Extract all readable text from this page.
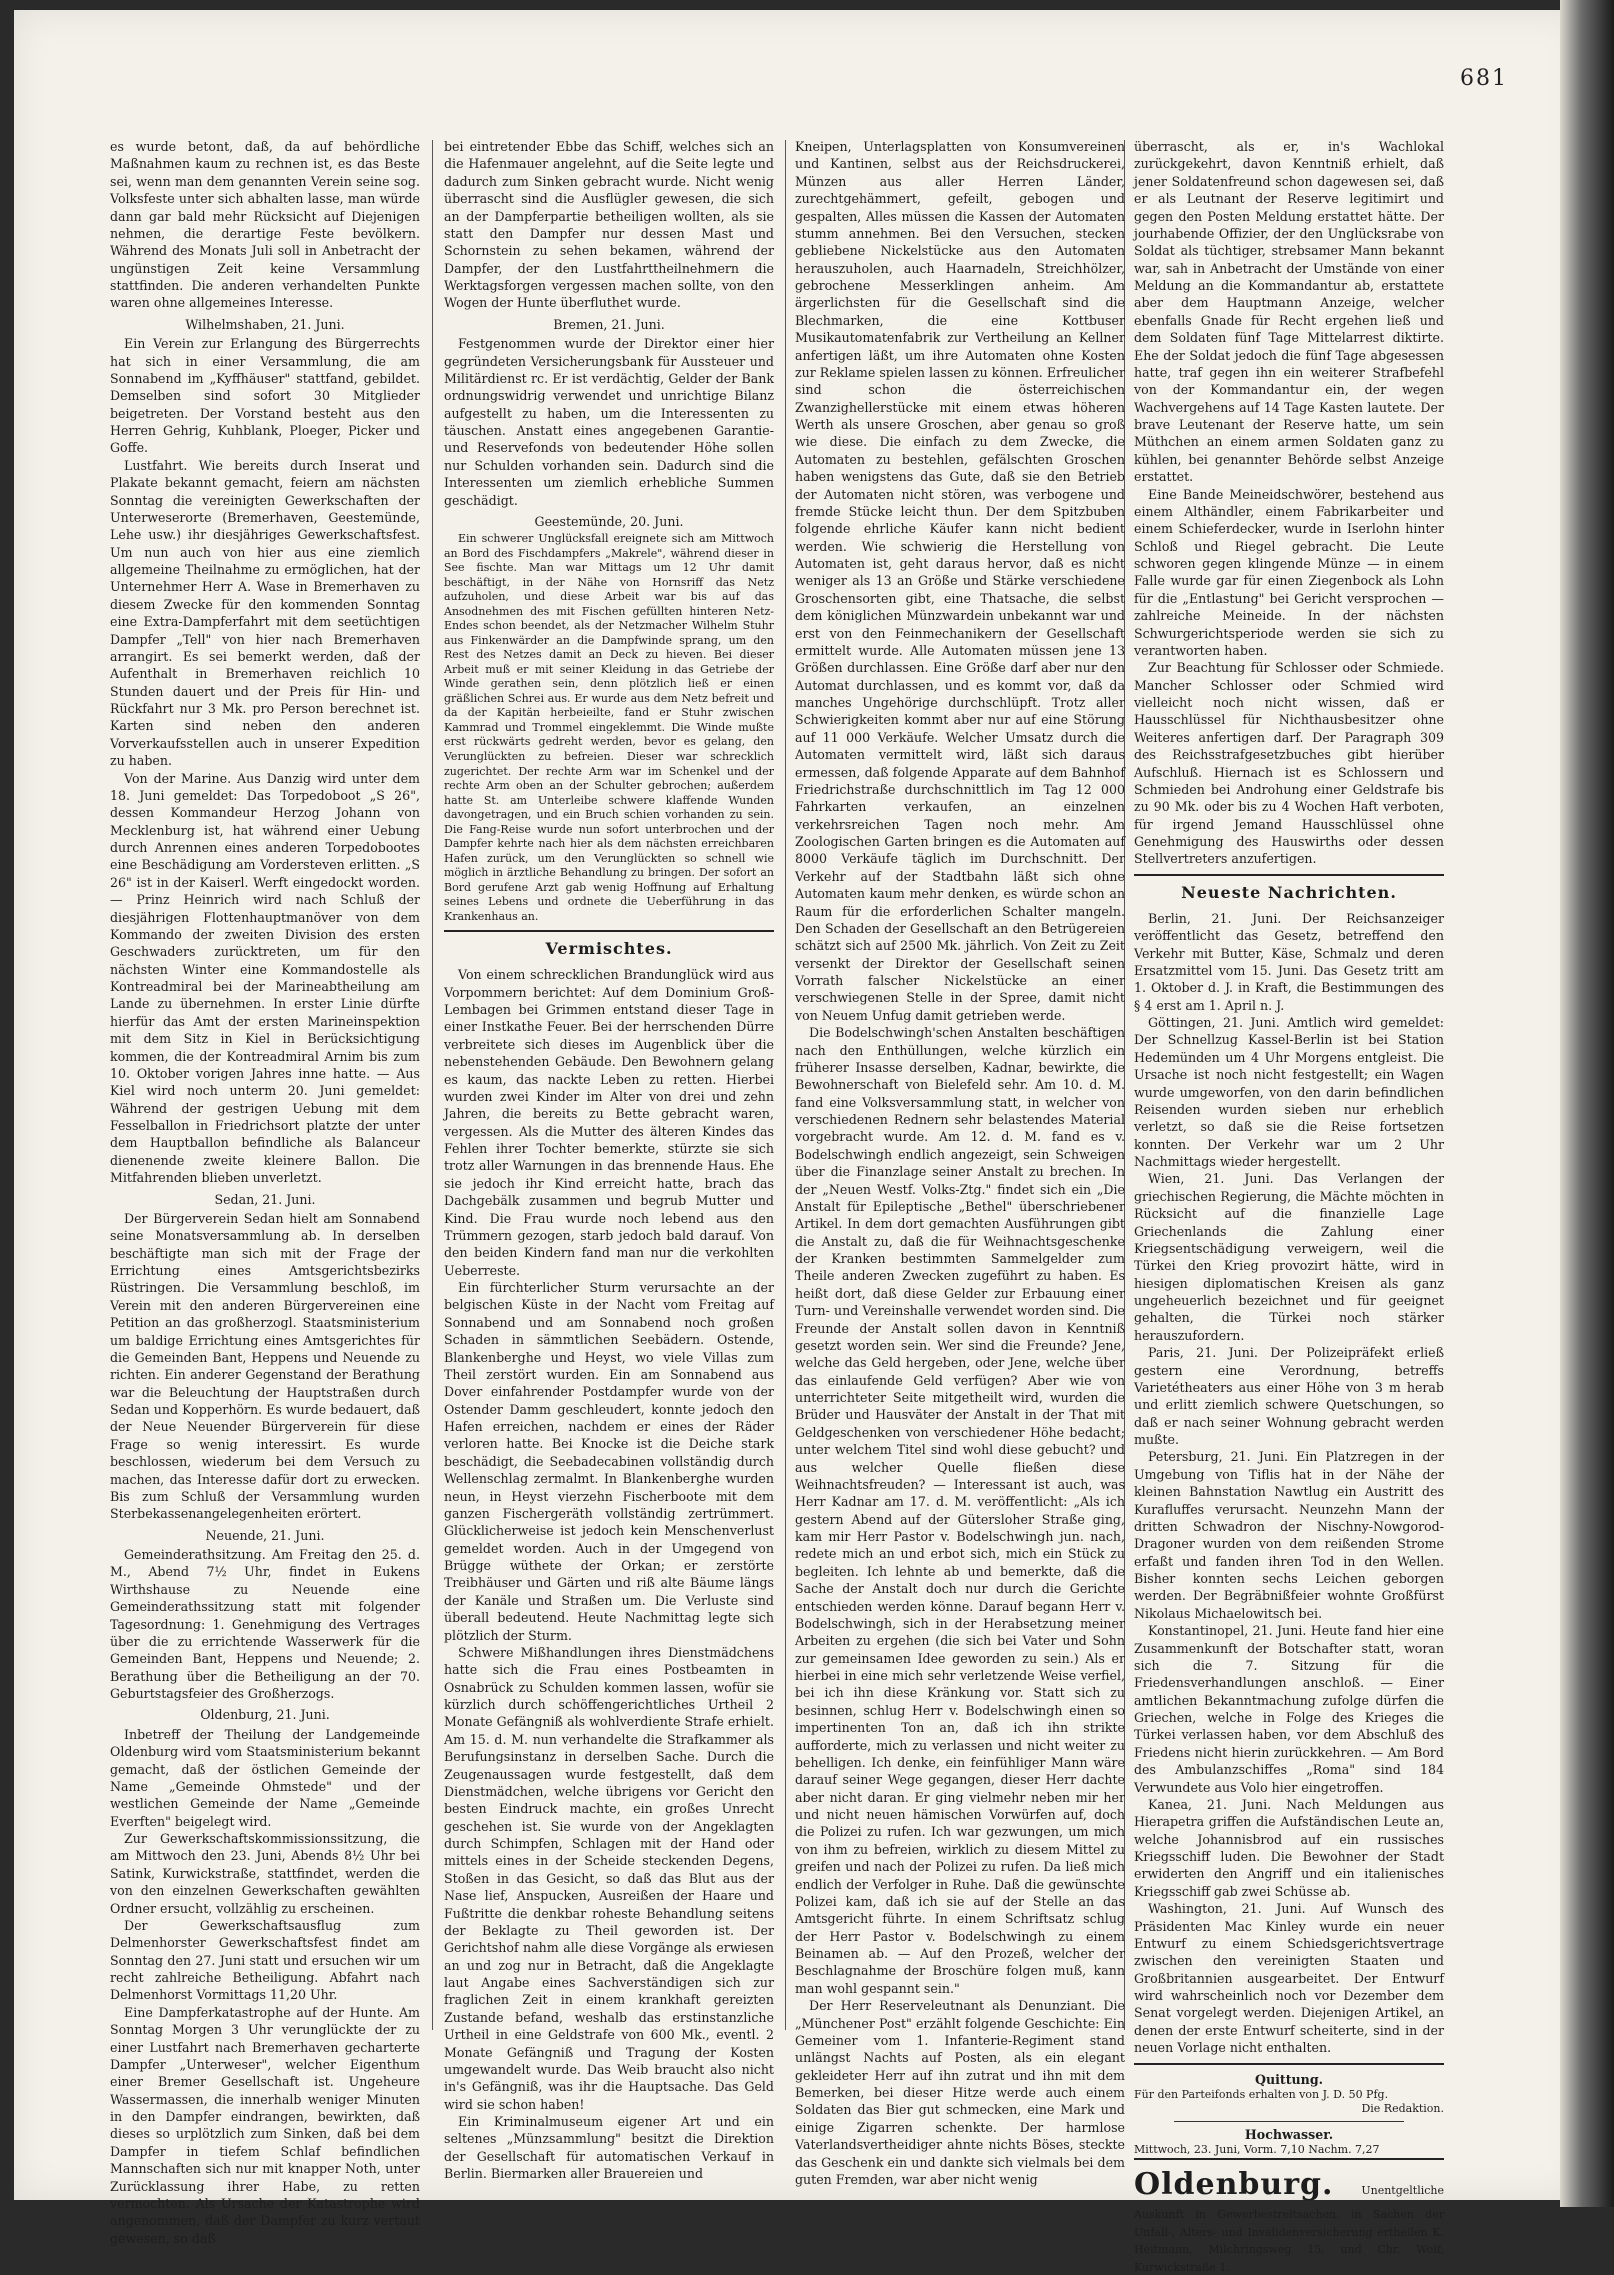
681

es wurde betont, daß, da auf behördliche Maßnahmen kaum zu rechnen ist, es das Beste sei, wenn man dem genannten Verein seine sog. Volksfeste unter sich abhalten lasse, man würde dann gar bald mehr Rücksicht auf Diejenigen nehmen, die derartige Feste bevölkern. Während des Monats Juli soll in Anbetracht der ungünstigen Zeit keine Versammlung stattfinden. Die anderen verhandelten Punkte waren ohne allgemeines Interesse.

Wilhelmshaben, 21. Juni.

Ein Verein zur Erlangung des Bürgerrechts hat sich in einer Versammlung, die am Sonnabend im „Kyffhäuser" stattfand, gebildet. Demselben sind sofort 30 Mitglieder beigetreten. Der Vorstand besteht aus den Herren Gehrig, Kuhblank, Ploeger, Picker und Goffe.

Lustfahrt. Wie bereits durch Inserat und Plakate bekannt gemacht, feiern am nächsten Sonntag die vereinigten Gewerkschaften der Unterweserorte (Bremerhaven, Geestemünde, Lehe usw.) ihr diesjähriges Gewerkschaftsfest. Um nun auch von hier aus eine ziemlich allgemeine Theilnahme zu ermöglichen, hat der Unternehmer Herr A. Wase in Bremerhaven zu diesem Zwecke für den kommenden Sonntag eine Extra-Dampferfahrt mit dem seetüchtigen Dampfer „Tell" von hier nach Bremerhaven arrangirt. Es sei bemerkt werden, daß der Aufenthalt in Bremerhaven reichlich 10 Stunden dauert und der Preis für Hin- und Rückfahrt nur 3 Mk. pro Person berechnet ist. Karten sind neben den anderen Vorverkaufsstellen auch in unserer Expedition zu haben.

Von der Marine. Aus Danzig wird unter dem 18. Juni gemeldet: Das Torpedoboot „S 26", dessen Kommandeur Herzog Johann von Mecklenburg ist, hat während einer Uebung durch Anrennen eines anderen Torpedobootes eine Beschädigung am Vordersteven erlitten. „S 26" ist in der Kaiserl. Werft eingedockt worden. — Prinz Heinrich wird nach Schluß der diesjährigen Flottenhauptmanöver von dem Kommando der zweiten Division des ersten Geschwaders zurücktreten, um für den nächsten Winter eine Kommandostelle als Kontreadmiral bei der Marineabtheilung am Lande zu übernehmen. In erster Linie dürfte hierfür das Amt der ersten Marineinspektion mit dem Sitz in Kiel in Berücksichtigung kommen, die der Kontreadmiral Arnim bis zum 10. Oktober vorigen Jahres inne hatte. — Aus Kiel wird noch unterm 20. Juni gemeldet: Während der gestrigen Uebung mit dem Fesselballon in Friedrichsort platzte der unter dem Hauptballon befindliche als Balanceur dienenende zweite kleinere Ballon. Die Mitfahrenden blieben unverletzt.

Sedan, 21. Juni.

Der Bürgerverein Sedan hielt am Sonnabend seine Monatsversammlung ab. In derselben beschäftigte man sich mit der Frage der Errichtung eines Amtsgerichtsbezirks Rüstringen. Die Versammlung beschloß, im Verein mit den anderen Bürgervereinen eine Petition an das großherzogl. Staatsministerium um baldige Errichtung eines Amtsgerichtes für die Gemeinden Bant, Heppens und Neuende zu richten. Ein anderer Gegenstand der Berathung war die Beleuchtung der Hauptstraßen durch Sedan und Kopperhörn. Es wurde bedauert, daß der Neue Neuender Bürgerverein für diese Frage so wenig interessirt. Es wurde beschlossen, wiederum bei dem Versuch zu machen, das Interesse dafür dort zu erwecken. Bis zum Schluß der Versammlung wurden Sterbekassenangelegenheiten erörtert.

Neuende, 21. Juni.

Gemeinderathsitzung. Am Freitag den 25. d. M., Abend 7½ Uhr, findet in Eukens Wirthshause zu Neuende eine Gemeinderathssitzung statt mit folgender Tagesordnung: 1. Genehmigung des Vertrages über die zu errichtende Wasserwerk für die Gemeinden Bant, Heppens und Neuende; 2. Berathung über die Betheiligung an der 70. Geburtstagsfeier des Großherzogs.

Oldenburg, 21. Juni.

Inbetreff der Theilung der Landgemeinde Oldenburg wird vom Staatsministerium bekannt gemacht, daß der östlichen Gemeinde der Name „Gemeinde Ohmstede" und der westlichen Gemeinde der Name „Gemeinde Everften" beigelegt wird.

Zur Gewerkschaftskommissionssitzung, die am Mittwoch den 23. Juni, Abends 8½ Uhr bei Satink, Kurwickstraße, stattfindet, werden die von den einzelnen Gewerkschaften gewählten Ordner ersucht, vollzählig zu erscheinen.

Der Gewerkschaftsausflug zum Delmenhorster Gewerkschaftsfest findet am Sonntag den 27. Juni statt und ersuchen wir um recht zahlreiche Betheiligung. Abfahrt nach Delmenhorst Vormittags 11,20 Uhr.

Eine Dampferkatastrophe auf der Hunte. Am Sonntag Morgen 3 Uhr verunglückte der zu einer Lustfahrt nach Bremerhaven gecharterte Dampfer „Unterweser", welcher Eigenthum einer Bremer Gesellschaft ist. Ungeheure Wassermassen, die innerhalb weniger Minuten in den Dampfer eindrangen, bewirkten, daß dieses so urplötzlich zum Sinken, daß bei dem Dampfer in tiefem Schlaf befindlichen Mannschaften sich nur mit knapper Noth, unter Zurücklassung ihrer Habe, zu retten vermochten. Als Ursache der Katastrophe wird angenommen, daß der Dampfer zu kurz vertaut gewesen, so daß

bei eintretender Ebbe das Schiff, welches sich an die Hafenmauer angelehnt, auf die Seite legte und dadurch zum Sinken gebracht wurde. Nicht wenig überrascht sind die Ausflügler gewesen, die sich an der Dampferpartie betheiligen wollten, als sie statt den Dampfer nur dessen Mast und Schornstein zu sehen bekamen, während der Dampfer, der den Lustfahrttheilnehmern die Werktagsforgen vergessen machen sollte, von den Wogen der Hunte überfluthet wurde.

Bremen, 21. Juni.

Festgenommen wurde der Direktor einer hier gegründeten Versicherungsbank für Aussteuer und Militärdienst rc. Er ist verdächtig, Gelder der Bank ordnungswidrig verwendet und unrichtige Bilanz aufgestellt zu haben, um die Interessenten zu täuschen. Anstatt eines angegebenen Garantie- und Reservefonds von bedeutender Höhe sollen nur Schulden vorhanden sein. Dadurch sind die Interessenten um ziemlich erhebliche Summen geschädigt.

Geestemünde, 20. Juni.

Ein schwerer Unglücksfall ereignete sich am Mittwoch an Bord des Fischdampfers „Makrele", während dieser in See fischte. Man war Mittags um 12 Uhr damit beschäftigt, in der Nähe von Hornsriff das Netz aufzuholen, und diese Arbeit war bis auf das Ansodnehmen des mit Fischen gefüllten hinteren Netz-Endes schon beendet, als der Netzmacher Wilhelm Stuhr aus Finkenwärder an die Dampfwinde sprang, um den Rest des Netzes damit an Deck zu hieven. Bei dieser Arbeit muß er mit seiner Kleidung in das Getriebe der Winde gerathen sein, denn plötzlich ließ er einen gräßlichen Schrei aus. Er wurde aus dem Netz befreit und da der Kapitän herbeieilte, fand er Stuhr zwischen Kammrad und Trommel eingeklemmt. Die Winde mußte erst rückwärts gedreht werden, bevor es gelang, den Verunglückten zu befreien. Dieser war schrecklich zugerichtet. Der rechte Arm war im Schenkel und der rechte Arm oben an der Schulter gebrochen; außerdem hatte St. am Unterleibe schwere klaffende Wunden davongetragen, und ein Bruch schien vorhanden zu sein. Die Fang-Reise wurde nun sofort unterbrochen und der Dampfer kehrte nach hier als dem nächsten erreichbaren Hafen zurück, um den Verunglückten so schnell wie möglich in ärztliche Behandlung zu bringen. Der sofort an Bord gerufene Arzt gab wenig Hoffnung auf Erhaltung seines Lebens und ordnete die Ueberführung in das Krankenhaus an.

Vermischtes.

Von einem schrecklichen Brandunglück wird aus Vorpommern berichtet: Auf dem Dominium Groß-Lembagen bei Grimmen entstand dieser Tage in einer Instkathe Feuer. Bei der herrschenden Dürre verbreitete sich dieses im Augenblick über die nebenstehenden Gebäude. Den Bewohnern gelang es kaum, das nackte Leben zu retten. Hierbei wurden zwei Kinder im Alter von drei und zehn Jahren, die bereits zu Bette gebracht waren, vergessen. Als die Mutter des älteren Kindes das Fehlen ihrer Tochter bemerkte, stürzte sie sich trotz aller Warnungen in das brennende Haus. Ehe sie jedoch ihr Kind erreicht hatte, brach das Dachgebälk zusammen und begrub Mutter und Kind. Die Frau wurde noch lebend aus den Trümmern gezogen, starb jedoch bald darauf. Von den beiden Kindern fand man nur die verkohlten Ueberreste.

Ein fürchterlicher Sturm verursachte an der belgischen Küste in der Nacht vom Freitag auf Sonnabend und am Sonnabend noch großen Schaden in sämmtlichen Seebädern. Ostende, Blankenberghe und Heyst, wo viele Villas zum Theil zerstört wurden. Ein am Sonnabend aus Dover einfahrender Postdampfer wurde von der Ostender Damm geschleudert, konnte jedoch den Hafen erreichen, nachdem er eines der Räder verloren hatte. Bei Knocke ist die Deiche stark beschädigt, die Seebadecabinen vollständig durch Wellenschlag zermalmt. In Blankenberghe wurden neun, in Heyst vierzehn Fischerboote mit dem ganzen Fischergeräth vollständig zertrümmert. Glücklicherweise ist jedoch kein Menschenverlust gemeldet worden. Auch in der Umgegend von Brügge wüthete der Orkan; er zerstörte Treibhäuser und Gärten und riß alte Bäume längs der Kanäle und Straßen um. Die Verluste sind überall bedeutend. Heute Nachmittag legte sich plötzlich der Sturm.

Schwere Mißhandlungen ihres Dienstmädchens hatte sich die Frau eines Postbeamten in Osnabrück zu Schulden kommen lassen, wofür sie kürzlich durch schöffengerichtliches Urtheil 2 Monate Gefängniß als wohlverdiente Strafe erhielt. Am 15. d. M. nun verhandelte die Strafkammer als Berufungsinstanz in derselben Sache. Durch die Zeugenaussagen wurde festgestellt, daß dem Dienstmädchen, welche übrigens vor Gericht den besten Eindruck machte, ein großes Unrecht geschehen ist. Sie wurde von der Angeklagten durch Schimpfen, Schlagen mit der Hand oder mittels eines in der Scheide steckenden Degens, Stoßen in das Gesicht, so daß das Blut aus der Nase lief, Anspucken, Ausreißen der Haare und Fußtritte die denkbar roheste Behandlung seitens der Beklagte zu Theil geworden ist. Der Gerichtshof nahm alle diese Vorgänge als erwiesen an und zog nur in Betracht, daß die Angeklagte laut Angabe eines Sachverständigen sich zur fraglichen Zeit in einem krankhaft gereizten Zustande befand, weshalb das erstinstanzliche Urtheil in eine Geldstrafe von 600 Mk., eventl. 2 Monate Gefängniß und Tragung der Kosten umgewandelt wurde. Das Weib braucht also nicht in's Gefängniß, was ihr die Hauptsache. Das Geld wird sie schon haben!

Ein Kriminalmuseum eigener Art und ein seltenes „Münzsammlung" besitzt die Direktion der Gesellschaft für automatischen Verkauf in Berlin. Biermarken aller Brauereien und

Kneipen, Unterlagsplatten von Konsumvereinen und Kantinen, selbst aus der Reichsdruckerei, Münzen aus aller Herren Länder, zurechtgehämmert, gefeilt, gebogen und gespalten, Alles müssen die Kassen der Automaten stumm annehmen. Bei den Versuchen, stecken gebliebene Nickelstücke aus den Automaten herauszuholen, auch Haarnadeln, Streichhölzer, gebrochene Messerklingen anheim. Am ärgerlichsten für die Gesellschaft sind die Blechmarken, die eine Kottbuser Musikautomatenfabrik zur Vertheilung an Kellner anfertigen läßt, um ihre Automaten ohne Kosten zur Reklame spielen lassen zu können. Erfreulicher sind schon die österreichischen Zwanzighellerstücke mit einem etwas höheren Werth als unsere Groschen, aber genau so groß wie diese. Die einfach zu dem Zwecke, die Automaten zu bestehlen, gefälschten Groschen haben wenigstens das Gute, daß sie den Betrieb der Automaten nicht stören, was verbogene und fremde Stücke leicht thun. Der dem Spitzbuben folgende ehrliche Käufer kann nicht bedient werden. Wie schwierig die Herstellung von Automaten ist, geht daraus hervor, daß es nicht weniger als 13 an Größe und Stärke verschiedene Groschensorten gibt, eine Thatsache, die selbst dem königlichen Münzwardein unbekannt war und erst von den Feinmechanikern der Gesellschaft ermittelt wurde. Alle Automaten müssen jene 13 Größen durchlassen. Eine Größe darf aber nur den Automat durchlassen, und es kommt vor, daß da manches Ungehörige durchschlüpft. Trotz aller Schwierigkeiten kommt aber nur auf eine Störung auf 11 000 Verkäufe. Welcher Umsatz durch die Automaten vermittelt wird, läßt sich daraus ermessen, daß folgende Apparate auf dem Bahnhof Friedrichstraße durchschnittlich im Tag 12 000 Fahrkarten verkaufen, an einzelnen verkehrsreichen Tagen noch mehr. Am Zoologischen Garten bringen es die Automaten auf 8000 Verkäufe täglich im Durchschnitt. Der Verkehr auf der Stadtbahn läßt sich ohne Automaten kaum mehr denken, es würde schon an Raum für die erforderlichen Schalter mangeln. Den Schaden der Gesellschaft an den Betrügereien schätzt sich auf 2500 Mk. jährlich. Von Zeit zu Zeit versenkt der Direktor der Gesellschaft seinen Vorrath falscher Nickelstücke an einer verschwiegenen Stelle in der Spree, damit nicht von Neuem Unfug damit getrieben werde.

Die Bodelschwingh'schen Anstalten beschäftigen nach den Enthüllungen, welche kürzlich ein früherer Insasse derselben, Kadnar, bewirkte, die Bewohnerschaft von Bielefeld sehr. Am 10. d. M. fand eine Volksversammlung statt, in welcher von verschiedenen Rednern sehr belastendes Material vorgebracht wurde. Am 12. d. M. fand es v. Bodelschwingh endlich angezeigt, sein Schweigen über die Finanzlage seiner Anstalt zu brechen. In der „Neuen Westf. Volks-Ztg." findet sich ein „Die Anstalt für Epileptische „Bethel" überschriebener Artikel. In dem dort gemachten Ausführungen gibt die Anstalt zu, daß die für Weihnachtsgeschenke der Kranken bestimmten Sammelgelder zum Theile anderen Zwecken zugeführt zu haben. Es heißt dort, daß diese Gelder zur Erbauung einer Turn- und Vereinshalle verwendet worden sind. Die Freunde der Anstalt sollen davon in Kenntniß gesetzt worden sein. Wer sind die Freunde? Jene, welche das Geld hergeben, oder Jene, welche über das einlaufende Geld verfügen? Aber wie von unterrichteter Seite mitgetheilt wird, wurden die Brüder und Hausväter der Anstalt in der That mit Geldgeschenken von verschiedener Höhe bedacht; unter welchem Titel sind wohl diese gebucht? und aus welcher Quelle fließen diese Weihnachtsfreuden? — Interessant ist auch, was Herr Kadnar am 17. d. M. veröffentlicht: „Als ich gestern Abend auf der Gütersloher Straße ging, kam mir Herr Pastor v. Bodelschwingh jun. nach, redete mich an und erbot sich, mich ein Stück zu begleiten. Ich lehnte ab und bemerkte, daß die Sache der Anstalt doch nur durch die Gerichte entschieden werden könne. Darauf begann Herr v. Bodelschwingh, sich in der Herabsetzung meiner Arbeiten zu ergehen (die sich bei Vater und Sohn zur gemeinsamen Idee geworden zu sein.) Als er hierbei in eine mich sehr verletzende Weise verfiel, bei ich ihn diese Kränkung vor. Statt sich zu besinnen, schlug Herr v. Bodelschwingh einen so impertinenten Ton an, daß ich ihn strikte aufforderte, mich zu verlassen und nicht weiter zu behelligen. Ich denke, ein feinfühliger Mann wäre darauf seiner Wege gegangen, dieser Herr dachte aber nicht daran. Er ging vielmehr neben mir her und nicht neuen hämischen Vorwürfen auf, doch die Polizei zu rufen. Ich war gezwungen, um mich von ihm zu befreien, wirklich zu diesem Mittel zu greifen und nach der Polizei zu rufen. Da ließ mich endlich der Verfolger in Ruhe. Daß die gewünschte Polizei kam, daß ich sie auf der Stelle an das Amtsgericht führte. In einem Schriftsatz schlug der Herr Pastor v. Bodelschwingh zu einem Beinamen ab. — Auf den Prozeß, welcher der Beschlagnahme der Broschüre folgen muß, kann man wohl gespannt sein."

Der Herr Reserveleutnant als Denunziant. Die „Münchener Post" erzählt folgende Geschichte: Ein Gemeiner vom 1. Infanterie-Regiment stand unlängst Nachts auf Posten, als ein elegant gekleideter Herr auf ihn zutrat und ihn mit dem Bemerken, bei dieser Hitze werde auch einem Soldaten das Bier gut schmecken, eine Mark und einige Zigarren schenkte. Der harmlose Vaterlandsvertheidiger ahnte nichts Böses, steckte das Geschenk ein und dankte sich vielmals bei dem guten Fremden, war aber nicht wenig

überrascht, als er, in's Wachlokal zurückgekehrt, davon Kenntniß erhielt, daß jener Soldatenfreund schon dagewesen sei, daß er als Leutnant der Reserve legitimirt und gegen den Posten Meldung erstattet hätte. Der jourhabende Offizier, der den Unglücksrabe von Soldat als tüchtiger, strebsamer Mann bekannt war, sah in Anbetracht der Umstände von einer Meldung an die Kommandantur ab, erstattete aber dem Hauptmann Anzeige, welcher ebenfalls Gnade für Recht ergehen ließ und dem Soldaten fünf Tage Mittelarrest diktirte. Ehe der Soldat jedoch die fünf Tage abgesessen hatte, traf gegen ihn ein weiterer Strafbefehl von der Kommandantur ein, der wegen Wachvergehens auf 14 Tage Kasten lautete. Der brave Leutenant der Reserve hatte, um sein Müthchen an einem armen Soldaten ganz zu kühlen, bei genannter Behörde selbst Anzeige erstattet.

Eine Bande Meineidschwörer, bestehend aus einem Althändler, einem Fabrikarbeiter und einem Schieferdecker, wurde in Iserlohn hinter Schloß und Riegel gebracht. Die Leute schworen gegen klingende Münze — in einem Falle wurde gar für einen Ziegenbock als Lohn für die „Entlastung" bei Gericht versprochen — zahlreiche Meineide. In der nächsten Schwurgerichtsperiode werden sie sich zu verantworten haben.

Zur Beachtung für Schlosser oder Schmiede. Mancher Schlosser oder Schmied wird vielleicht noch nicht wissen, daß er Hausschlüssel für Nichthausbesitzer ohne Weiteres anfertigen darf. Der Paragraph 309 des Reichsstrafgesetzbuches gibt hierüber Aufschluß. Hiernach ist es Schlossern und Schmieden bei Androhung einer Geldstrafe bis zu 90 Mk. oder bis zu 4 Wochen Haft verboten, für irgend Jemand Hausschlüssel ohne Genehmigung des Hauswirths oder dessen Stellvertreters anzufertigen.

Neueste Nachrichten.

Berlin, 21. Juni. Der Reichsanzeiger veröffentlicht das Gesetz, betreffend den Verkehr mit Butter, Käse, Schmalz und deren Ersatzmittel vom 15. Juni. Das Gesetz tritt am 1. Oktober d. J. in Kraft, die Bestimmungen des § 4 erst am 1. April n. J.

Göttingen, 21. Juni. Amtlich wird gemeldet: Der Schnellzug Kassel-Berlin ist bei Station Hedemünden um 4 Uhr Morgens entgleist. Die Ursache ist noch nicht festgestellt; ein Wagen wurde umgeworfen, von den darin befindlichen Reisenden wurden sieben nur erheblich verletzt, so daß sie die Reise fortsetzen konnten. Der Verkehr war um 2 Uhr Nachmittags wieder hergestellt.

Wien, 21. Juni. Das Verlangen der griechischen Regierung, die Mächte möchten in Rücksicht auf die finanzielle Lage Griechenlands die Zahlung einer Kriegsentschädigung verweigern, weil die Türkei den Krieg provozirt hätte, wird in hiesigen diplomatischen Kreisen als ganz ungeheuerlich bezeichnet und für geeignet gehalten, die Türkei noch stärker herauszufordern.

Paris, 21. Juni. Der Polizeipräfekt erließ gestern eine Verordnung, betreffs Varietétheaters aus einer Höhe von 3 m herab und erlitt ziemlich schwere Quetschungen, so daß er nach seiner Wohnung gebracht werden mußte.

Petersburg, 21. Juni. Ein Platzregen in der Umgebung von Tiflis hat in der Nähe der kleinen Bahnstation Nawtlug ein Austritt des Kurafluffes verursacht. Neunzehn Mann der dritten Schwadron der Nischny-Nowgorod-Dragoner wurden von dem reißenden Strome erfaßt und fanden ihren Tod in den Wellen. Bisher konnten sechs Leichen geborgen werden. Der Begräbnißfeier wohnte Großfürst Nikolaus Michaelowitsch bei.

Konstantinopel, 21. Juni. Heute fand hier eine Zusammenkunft der Botschafter statt, woran sich die 7. Sitzung für die Friedensverhandlungen anschloß. — Einer amtlichen Bekanntmachung zufolge dürfen die Griechen, welche in Folge des Krieges die Türkei verlassen haben, vor dem Abschluß des Friedens nicht hierin zurückkehren. — Am Bord des Ambulanzschiffes „Roma" sind 184 Verwundete aus Volo hier eingetroffen.

Kanea, 21. Juni. Nach Meldungen aus Hierapetra griffen die Aufständischen Leute an, welche Johannisbrod auf ein russisches Kriegsschiff luden. Die Bewohner der Stadt erwiderten den Angriff und ein italienisches Kriegsschiff gab zwei Schüsse ab.

Washington, 21. Juni. Auf Wunsch des Präsidenten Mac Kinley wurde ein neuer Entwurf zu einem Schiedsgerichtsvertrage zwischen den vereinigten Staaten und Großbritannien ausgearbeitet. Der Entwurf wird wahrscheinlich noch vor Dezember dem Senat vorgelegt werden. Diejenigen Artikel, an denen der erste Entwurf scheiterte, sind in der neuen Vorlage nicht enthalten.

Quittung.
Für den Parteifonds erhalten von J. D. 50 Pfg.
Die Redaktion.
Hochwasser.
Mittwoch, 23. Juni, Vorm. 7,10 Nachm. 7,27
Oldenburg.	Unentgeltliche Auskunft in Gewerbestreitsachen, in Sachen der Unfall-, Alters- und Invalidenversicherung ertheilen K. Heitmann, Milchringsweg 15, und Chr. Wolf, Kurwickstraße 1.
